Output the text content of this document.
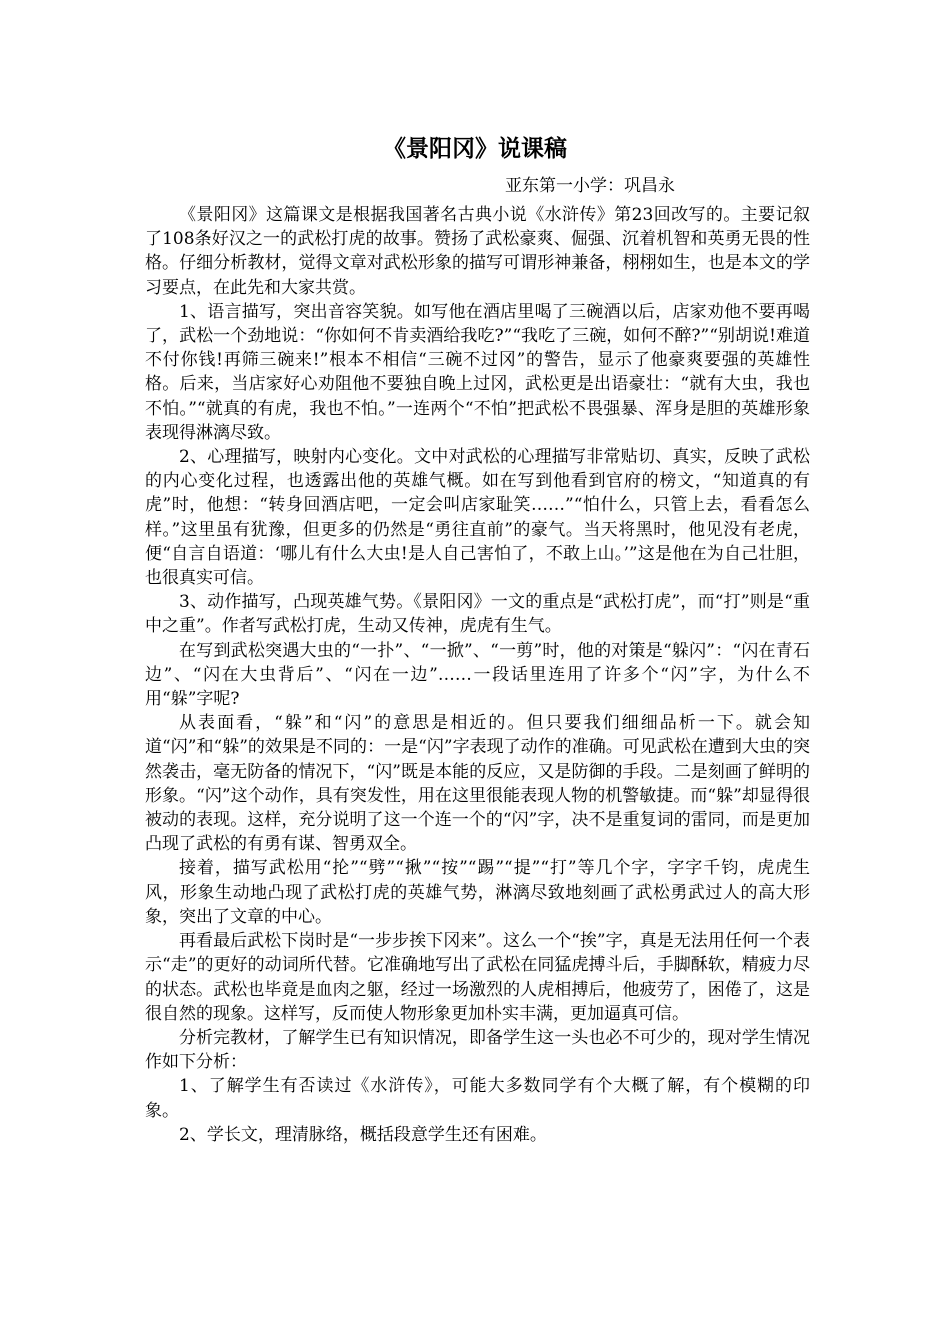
《景阳冈》说课稿
亚东第一小学：巩昌永

《景阳冈》这篇课文是根据我国著名古典小说《水浒传》第23回改写的。主要记叙了108条好汉之一的武松打虎的故事。赞扬了武松豪爽、倔强、沉着机智和英勇无畏的性格。仔细分析教材，觉得文章对武松形象的描写可谓形神兼备，栩栩如生，也是本文的学习要点，在此先和大家共赏。

1、语言描写，突出音容笑貌。如写他在酒店里喝了三碗酒以后，店家劝他不要再喝了，武松一个劲地说：“你如何不肯卖酒给我吃?”“我吃了三碗，如何不醉?”“别胡说!难道不付你钱!再筛三碗来!”根本不相信“三碗不过冈”的警告，显示了他豪爽要强的英雄性格。后来，当店家好心劝阻他不要独自晚上过冈，武松更是出语豪壮：“就有大虫，我也不怕。”“就真的有虎，我也不怕。”一连两个“不怕”把武松不畏强暴、浑身是胆的英雄形象表现得淋漓尽致。

2、心理描写，映射内心变化。文中对武松的心理描写非常贴切、真实，反映了武松的内心变化过程，也透露出他的英雄气概。如在写到他看到官府的榜文，“知道真的有虎”时，他想：“转身回酒店吧，一定会叫店家耻笑……”“怕什么，只管上去，看看怎么样。”这里虽有犹豫，但更多的仍然是“勇往直前”的豪气。当天将黑时，他见没有老虎，便“自言自语道：‘哪儿有什么大虫!是人自己害怕了，不敢上山。’”这是他在为自己壮胆，也很真实可信。

3、动作描写，凸现英雄气势。《景阳冈》一文的重点是“武松打虎”，而“打”则是“重中之重”。作者写武松打虎，生动又传神，虎虎有生气。

在写到武松突遇大虫的“一扑”、“一掀”、“一剪”时，他的对策是“躲闪”：“闪在青石边”、“闪在大虫背后”、“闪在一边”……一段话里连用了许多个“闪”字，为什么不用“躲”字呢?

从表面看，“躲”和“闪”的意思是相近的。但只要我们细细品析一下。就会知道“闪”和“躲”的效果是不同的：一是“闪”字表现了动作的准确。可见武松在遭到大虫的突然袭击，毫无防备的情况下，“闪”既是本能的反应，又是防御的手段。二是刻画了鲜明的形象。“闪”这个动作，具有突发性，用在这里很能表现人物的机警敏捷。而“躲”却显得很被动的表现。这样，充分说明了这一个连一个的“闪”字，决不是重复词的雷同，而是更加凸现了武松的有勇有谋、智勇双全。

接着，描写武松用“抡”“劈”“揪”“按”“踢”“提”“打”等几个字，字字千钧，虎虎生风，形象生动地凸现了武松打虎的英雄气势，淋漓尽致地刻画了武松勇武过人的高大形象，突出了文章的中心。

再看最后武松下岗时是“一步步挨下冈来”。这么一个“挨”字，真是无法用任何一个表示“走”的更好的动词所代替。它准确地写出了武松在同猛虎搏斗后，手脚酥软，精疲力尽的状态。武松也毕竟是血肉之躯，经过一场激烈的人虎相搏后，他疲劳了，困倦了，这是很自然的现象。这样写，反而使人物形象更加朴实丰满，更加逼真可信。

分析完教材，了解学生已有知识情况，即备学生这一头也必不可少的，现对学生情况作如下分析：

1、了解学生有否读过《水浒传》，可能大多数同学有个大概了解，有个模糊的印象。

2、学长文，理清脉络，概括段意学生还有困难。
